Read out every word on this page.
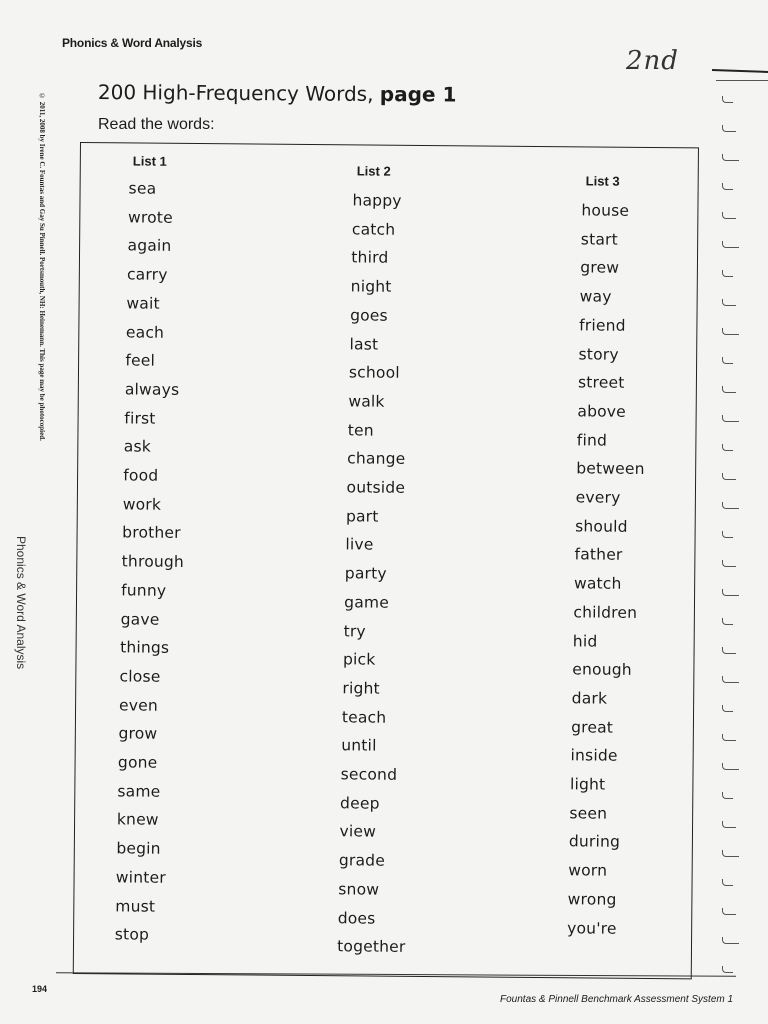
Phonics & Word Analysis
2nd
200 High-Frequency Words, page 1
Read the words:
© 2011, 2008 by Irene C. Fountas and Gay Su Pinnell. Portsmouth, NH: Heinemann. This page may be photocopied.
Phonics & Word Analysis
List 1
sea
wrote
again
carry
wait
each
feel
always
first
ask
food
work
brother
through
funny
gave
things
close
even
grow
gone
same
knew
begin
winter
must
stop
List 2
happy
catch
third
night
goes
last
school
walk
ten
change
outside
part
live
party
game
try
pick
right
teach
until
second
deep
view
grade
snow
does
together
List 3
house
start
grew
way
friend
story
street
above
find
between
every
should
father
watch
children
hid
enough
dark
great
inside
light
seen
during
worn
wrong
you're
194
Fountas & Pinnell Benchmark Assessment System 1
